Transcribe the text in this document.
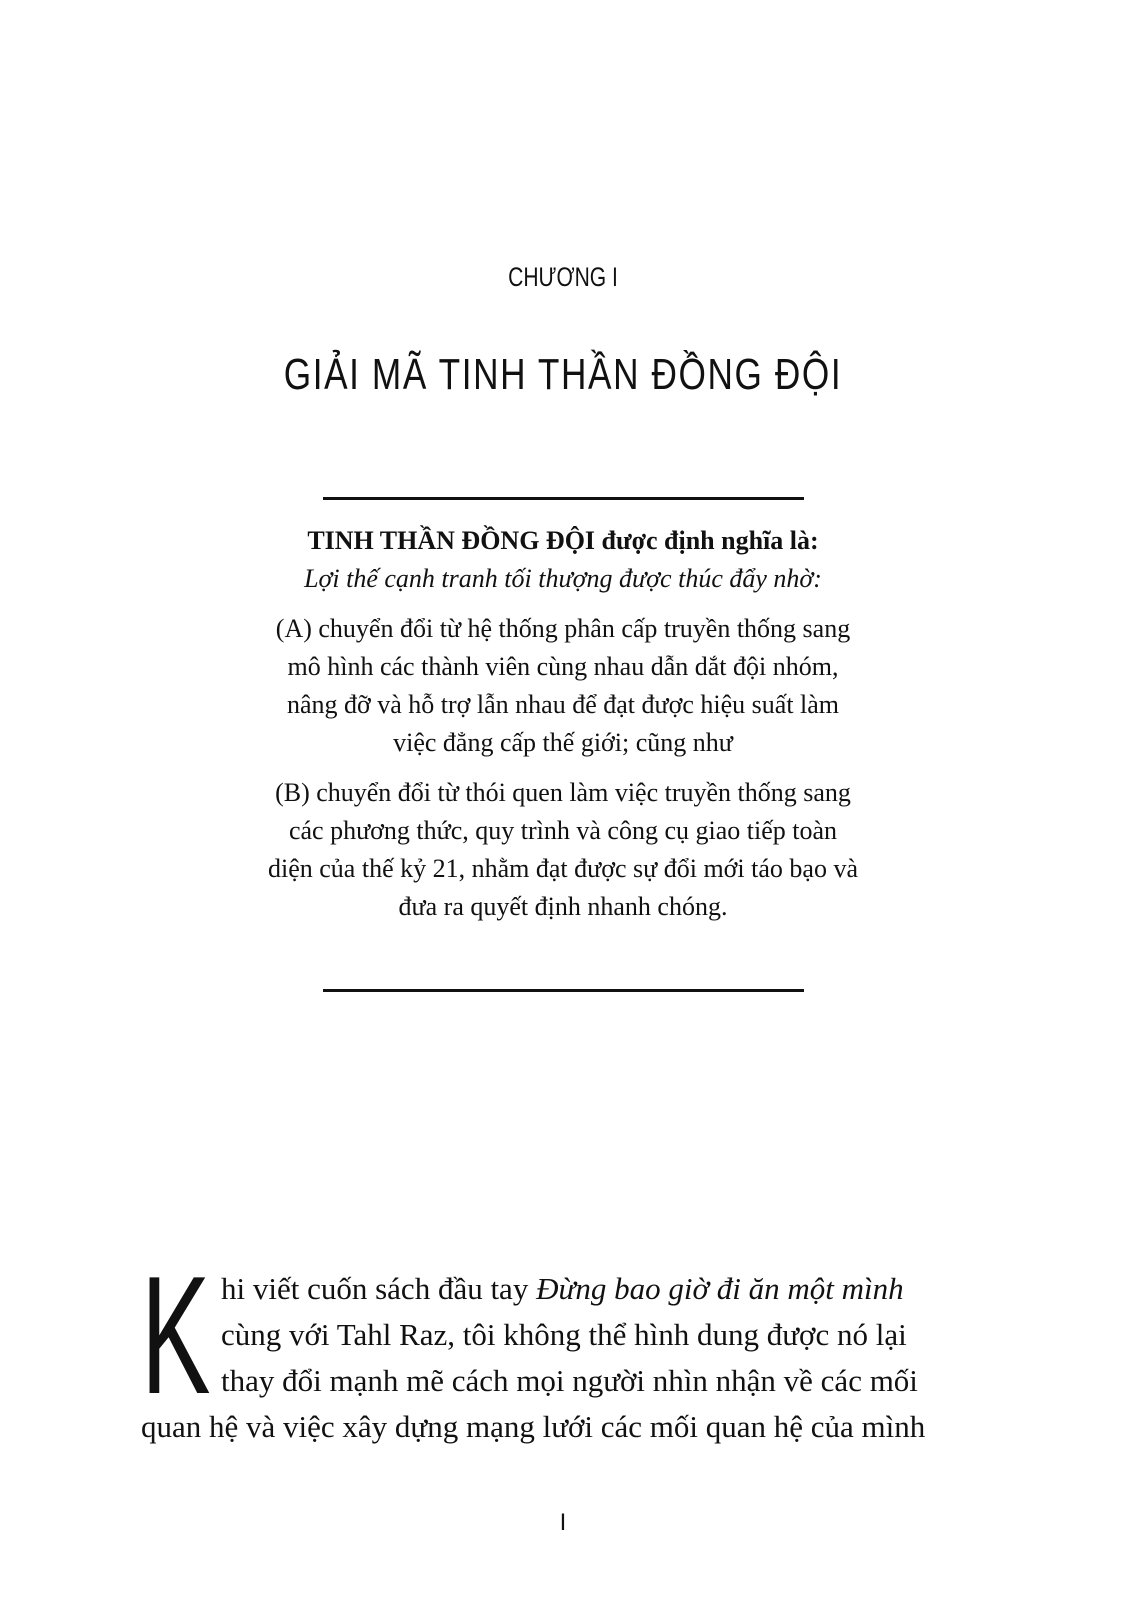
CHƯƠNG I
GIẢI MÃ TINH THẦN ĐỒNG ĐỘI
TINH THẦN ĐỒNG ĐỘI được định nghĩa là:
Lợi thế cạnh tranh tối thượng được thúc đẩy nhờ:

(A) chuyển đổi từ hệ thống phân cấp truyền thống sang

mô hình các thành viên cùng nhau dẫn dắt đội nhóm,

nâng đỡ và hỗ trợ lẫn nhau để đạt được hiệu suất làm

việc đẳng cấp thế giới; cũng như

(B) chuyển đổi từ thói quen làm việc truyền thống sang

các phương thức, quy trình và công cụ giao tiếp toàn

diện của thế kỷ 21, nhằm đạt được sự đổi mới táo bạo và

đưa ra quyết định nhanh chóng.

K hi viết cuốn sách đầu tay Đừng bao giờ đi ăn một mình
cùng với Tahl Raz, tôi không thể hình dung được nó lại
thay đổi mạnh mẽ cách mọi người nhìn nhận về các mối
quan hệ và việc xây dựng mạng lưới các mối quan hệ của mình
I
